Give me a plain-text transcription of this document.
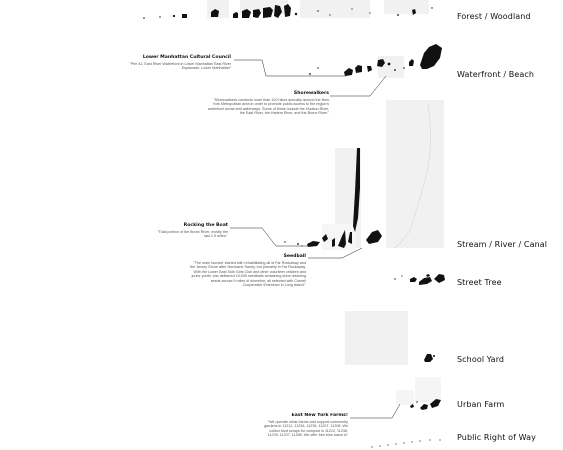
Forest / Woodland
Waterfront / Beach
Stream / River / Canal
Street Tree
School Yard
Urban Farm
Public Right of Way
Lower Manhattan Cultural Council
"Pier 42, East River Waterfront in Lower Manhattan East River Esplanade, Lower Manhattan"
Shorewalkers
"Shorewalkers conducts more than 120 hikes annually around the New York Metropolitan area in order to promote public access to the region's waterfront areas and waterways. Some of these include the Hudson River, the East River, the Harlem River, and the Bronx River."
Rocking the Boat
"Tidal portion of the Bronx River, mostly the last 1.5 miles."
Seedball
"The main founder started with rehabilitating all of Far Rockaway and the Jersey Shore after Hurricane Sandy, but primarily in Far Rockaway. With the Lower East Side Girls Club and other volunteer children and junior youth, she delivered 15,000 seedballs containing dune restoring seeds across 9 miles of shoreline, all selected with Cornell Cooperative Extension in Long Island."
East New York Farms!
"We operate urban farms and support community gardens in 11212, 11236, 11239, 11207, 11208. We collect food scraps for compost in 11212, 11236, 11239, 11207, 11208. We offer free bins loans to"
